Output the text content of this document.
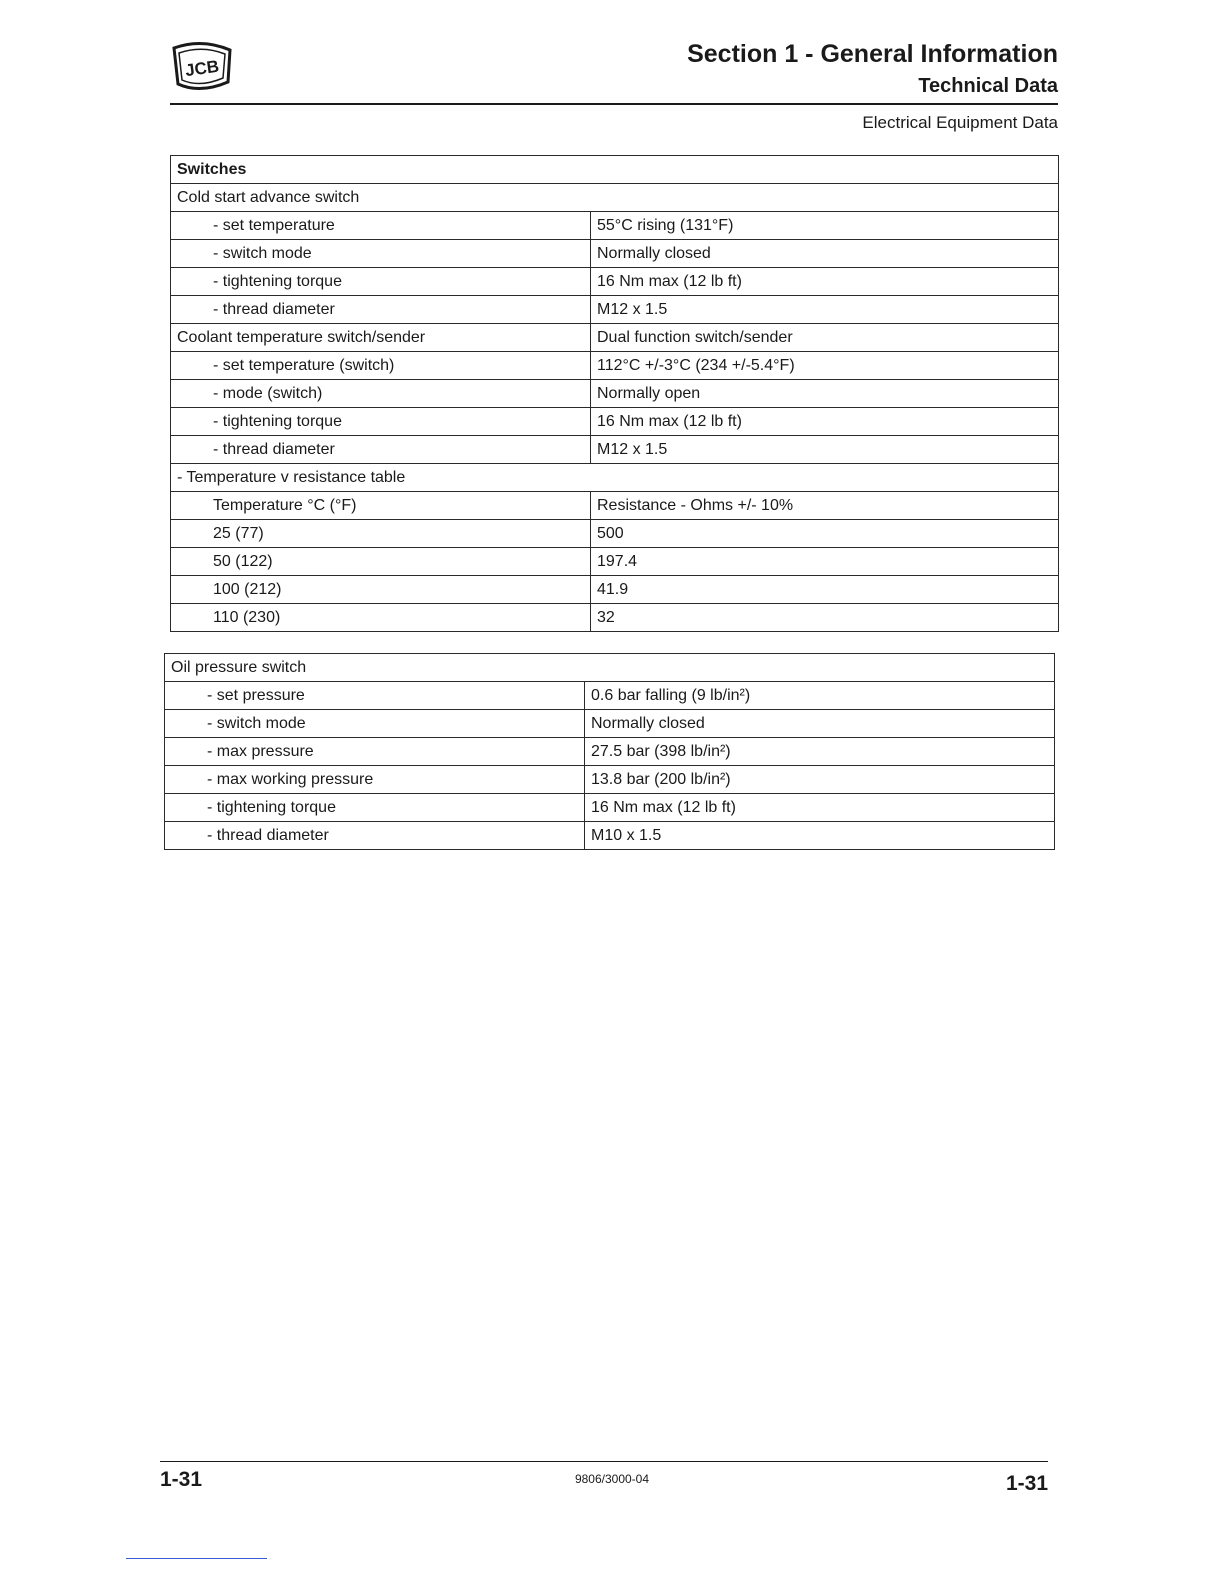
JCB
Section 1 - General Information
Technical Data
Electrical Equipment Data
Switches	
Cold start advance switch	
- set temperature	55°C rising (131°F)
- switch mode	Normally closed
- tightening torque	16 Nm max (12 lb ft)
- thread diameter	M12 x 1.5
Coolant temperature switch/sender	Dual function switch/sender
- set temperature (switch)	112°C +/-3°C (234 +/-5.4°F)
- mode (switch)	Normally open
- tightening torque	16 Nm max (12 lb ft)
- thread diameter	M12 x 1.5
- Temperature v resistance table	
Temperature °C (°F)	Resistance - Ohms +/- 10%
25 (77)	500
50 (122)	197.4
100 (212)	41.9
110 (230)	32
Oil pressure switch	
- set pressure	0.6 bar falling (9 lb/in²)
- switch mode	Normally closed
- max pressure	27.5 bar (398 lb/in²)
- max working pressure	13.8 bar (200 lb/in²)
- tightening torque	16 Nm max (12 lb ft)
- thread diameter	M10 x 1.5
1-31	9806/3000-04	1-31
